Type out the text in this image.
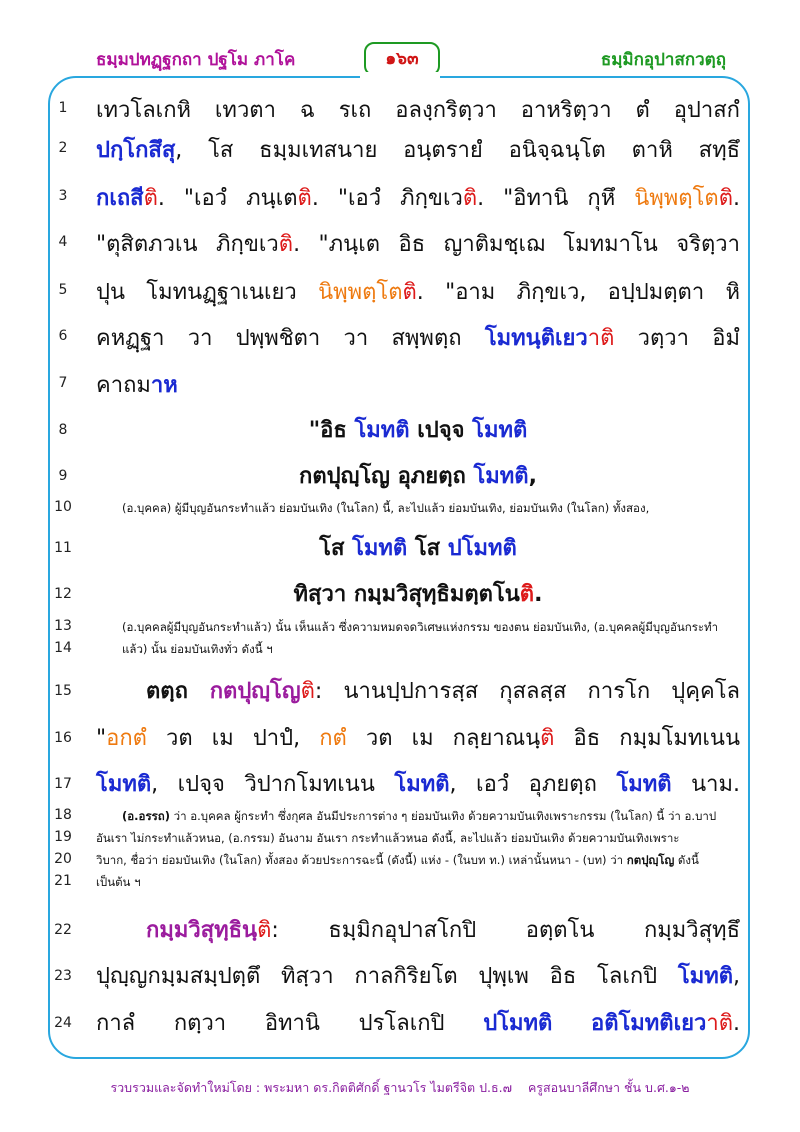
ธมฺมปทฏฺฐกถา ปฐโม ภาโค	๑๖๓	ธมฺมิกอุปาสกวตฺถุ
1	เทวโลเกหิ เทวตา ฉ รเถ อลงฺกริตฺวา อาหริตฺวา ตํ อุปาสกํ
2	ปกฺโกสึสุ, โส ธมฺมเทสนาย อนฺตรายํ อนิจฺฉนฺโต ตาหิ สทฺธึ
3	กเถสีติ. "เอวํ ภนฺเตติ. "เอวํ ภิกฺขเวติ. "อิทานิ กุหึ นิพฺพตฺโตติ.
4	"ตุสิตภวเน ภิกฺขเวติ. "ภนฺเต อิธ ญาติมชฺเฌ โมทมาโน จริตฺวา
5	ปุน โมทนฏฺฐาเนเยว นิพฺพตฺโตติ. "อาม ภิกฺขเว, อปฺปมตฺตา หิ
6	คหฏฺฐา วา ปพฺพชิตา วา สพฺพตฺถ โมทนฺติเยวาติ วตฺวา อิมํ
7	คาถมาห
8	"อิธ โมทติ เปจฺจ โมทติ
9	กตปุญฺโญ อุภยตฺถ โมทติ,
10	(อ.บุคคล) ผู้มีบุญอันกระทำแล้ว ย่อมบันเทิง (ในโลก) นี้, ละไปแล้ว ย่อมบันเทิง, ย่อมบันเทิง (ในโลก) ทั้งสอง,
11	โส โมทติ โส ปโมทติ
12	ทิสฺวา กมฺมวิสุทฺธิมตฺตโนติ.
13	(อ.บุคคลผู้มีบุญอันกระทำแล้ว) นั้น เห็นแล้ว ซึ่งความหมดจดวิเศษแห่งกรรม ของตน ย่อมบันเทิง, (อ.บุคคลผู้มีบุญอันกระทำ
14	แล้ว) นั้น ย่อมบันเทิงทั่ว ดังนี้ ฯ
15	ตตฺถ กตปุญฺโญติ: นานปฺปการสฺส กุสลสฺส การโก ปุคฺคโล
16 "อกตํ วต เม ปาปํ, กตํ วต เม กลฺยาณนฺติ อิธ กมฺมโมทเนน
17 โมทติ, เปจฺจ วิปากโมทเนน โมทติ, เอวํ อุภยตฺถ โมทติ นาม.
18	(อ.อรรถ) ว่า อ.บุคคล ผู้กระทำ ซึ่งกุศล อันมีประการต่าง ๆ ย่อมบันเทิง ด้วยความบันเทิงเพราะกรรม (ในโลก) นี้ ว่า อ.บาป
19	อันเรา ไม่กระทำแล้วหนอ, (อ.กรรม) อันงาม อันเรา กระทำแล้วหนอ ดังนี้, ละไปแล้ว ย่อมบันเทิง ด้วยความบันเทิงเพราะ
20	วิบาก, ชื่อว่า ย่อมบันเทิง (ในโลก) ทั้งสอง ด้วยประการฉะนี้ (ดังนี้) แห่ง - (ในบท ท.) เหล่านั้นหนา - (บท) ว่า กตปุญฺโญ ดังนี้
21	เป็นต้น ฯ
22	กมฺมวิสุทฺธินฺติ: ธมฺมิกอุปาสโกปิ อตฺตโน กมฺมวิสุทฺธึ
23 ปุญฺญกมฺมสมฺปตฺตึ ทิสฺวา กาลกิริยโต ปุพฺเพ อิธ โลเกปิ โมทติ,
24 กาลํ กตฺวา อิทานิ ปรโลเกปิ ปโมทติ อติโมทติเยวาติ.
รวบรวมและจัดทำใหม่โดย : พระมหา ดร.กิตติศักดิ์ ฐานวโร ไมตรีจิต ป.ธ.๗ ครูสอนบาลีศึกษา ชั้น บ.ศ.๑-๒
